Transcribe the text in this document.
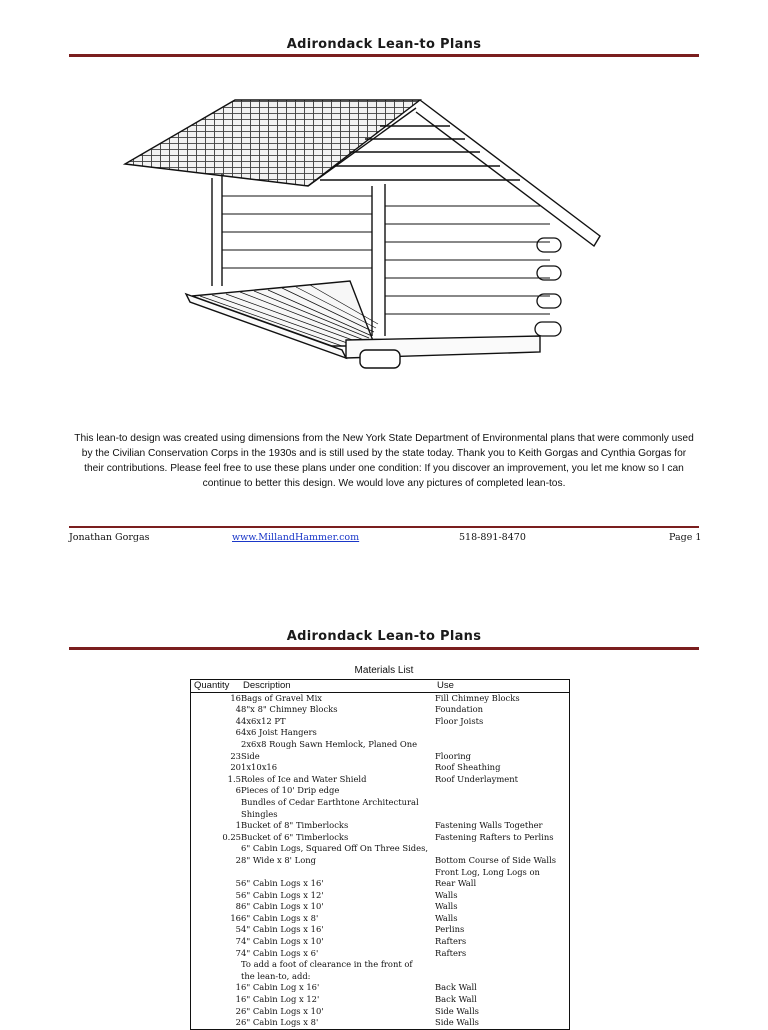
Adirondack Lean-to Plans
This lean-to design was created using dimensions from the New York State Department of Environmental plans that were commonly used by the Civilian Conservation Corps in the 1930s and is still used by the state today. Thank you to Keith Gorgas and Cynthia Gorgas for their contributions. Please feel free to use these plans under one condition: If you discover an improvement, you let me know so I can continue to better this design. We would love any pictures of completed lean-tos.
Jonathan Gorgas	www.MillandHammer.com	518-891-8470	Page 1
Adirondack Lean-to Plans
Materials List
Quantity	Description	Use
16	Bags of Gravel Mix	Fill Chimney Blocks
4	8"x 8" Chimney Blocks	Foundation
4	4x6x12 PT	Floor Joists
6	4x6 Joist Hangers	
	2x6x8 Rough Sawn Hemlock, Planed One	
23	Side	Flooring
20	1x10x16	Roof Sheathing
1.5	Roles of Ice and Water Shield	Roof Underlayment
6	Pieces of 10' Drip edge	
	Bundles of Cedar Earthtone Architectural	
	Shingles	
1	Bucket of 8" Timberlocks	Fastening Walls Together
0.25	Bucket of 6" Timberlocks	Fastening Rafters to Perlins
	6" Cabin Logs, Squared Off On Three Sides,	
2	8" Wide x 8' Long	Bottom Course of Side Walls
		Front Log, Long Logs on
5	6" Cabin Logs x 16'	Rear Wall
5	6" Cabin Logs x 12'	Walls
8	6" Cabin Logs x 10'	Walls
16	6" Cabin Logs x 8'	Walls
5	4" Cabin Logs x 16'	Perlins
7	4" Cabin Logs x 10'	Rafters
7	4" Cabin Logs x 6'	Rafters
	To add a foot of clearance in the front of	
	the lean-to, add:	
1	6" Cabin Log x 16'	Back Wall
1	6" Cabin Log x 12'	Back Wall
2	6" Cabin Logs x 10'	Side Walls
2	6" Cabin Logs x 8'	Side Walls
